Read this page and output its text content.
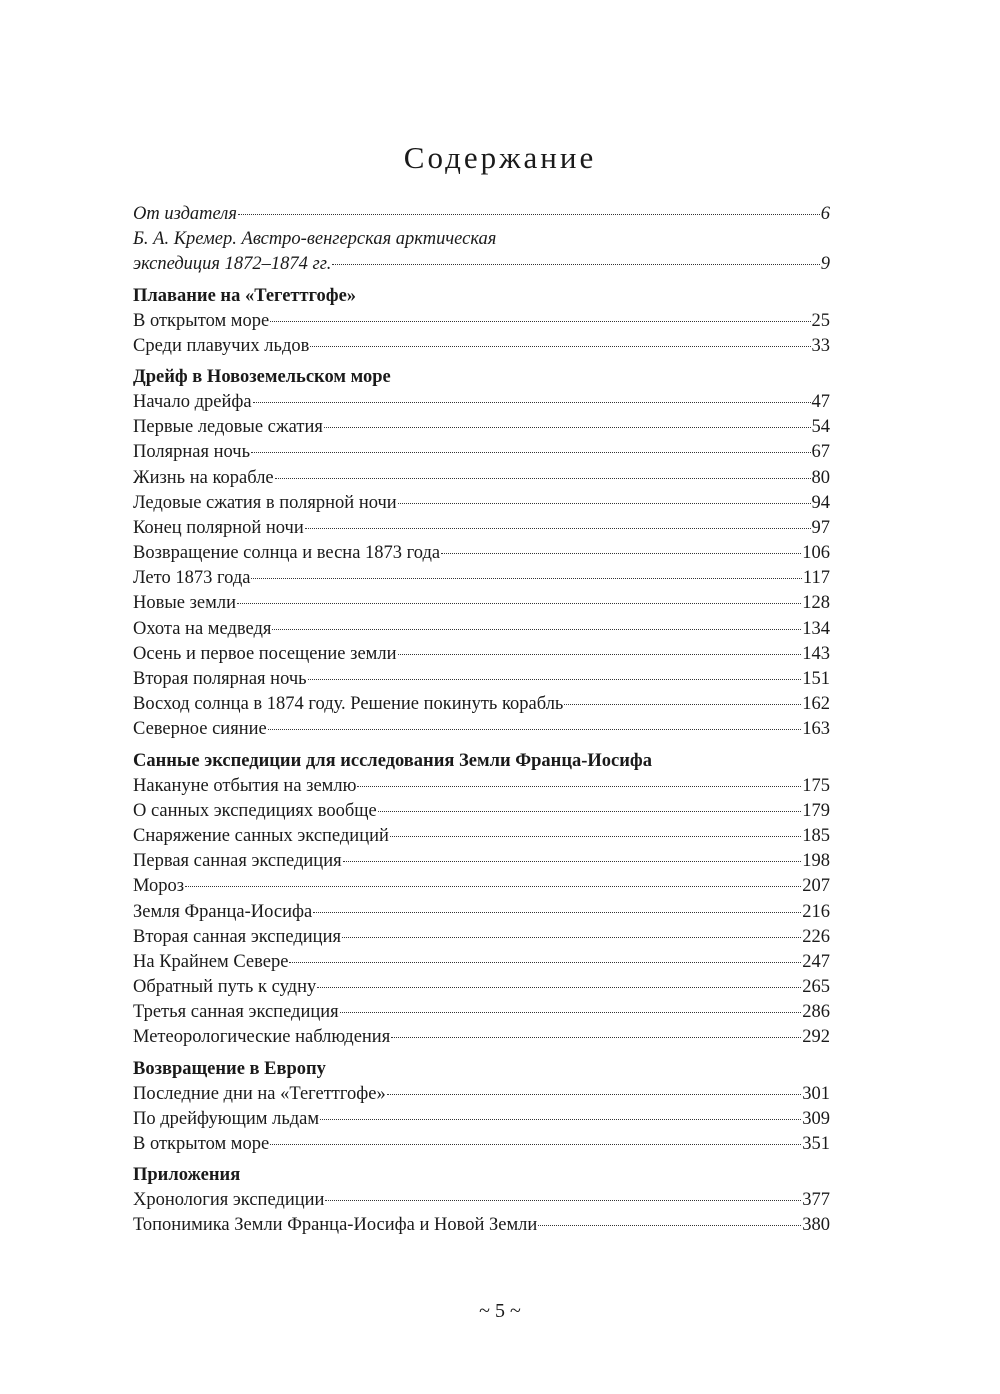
Содержание
От издателя	6
Б. А. Кремер. Австро-венгерская арктическая
экспедиция 1872–1874 гг.	9
Плавание на «Тегеттгофе»
В открытом море	25
Среди плавучих льдов	33
Дрейф в Новоземельском море
Начало дрейфа	47
Первые ледовые сжатия	54
Полярная ночь	67
Жизнь на корабле	80
Ледовые сжатия в полярной ночи	94
Конец полярной ночи	97
Возвращение солнца и весна 1873 года	106
Лето 1873 года	117
Новые земли	128
Охота на медведя	134
Осень и первое посещение земли	143
Вторая полярная ночь	151
Восход солнца в 1874 году. Решение покинуть корабль	162
Северное сияние	163
Санные экспедиции для исследования Земли Франца-Иосифа
Накануне отбытия на землю	175
О санных экспедициях вообще	179
Снаряжение санных экспедиций	185
Первая санная экспедиция	198
Мороз	207
Земля Франца-Иосифа	216
Вторая санная экспедиция	226
На Крайнем Севере	247
Обратный путь к судну	265
Третья санная экспедиция	286
Метеорологические наблюдения	292
Возвращение в Европу
Последние дни на «Тегеттгофе»	301
По дрейфующим льдам	309
В открытом море	351
Приложения
Хронология экспедиции	377
Топонимика Земли Франца-Иосифа и Новой Земли	380
~ 5 ~
